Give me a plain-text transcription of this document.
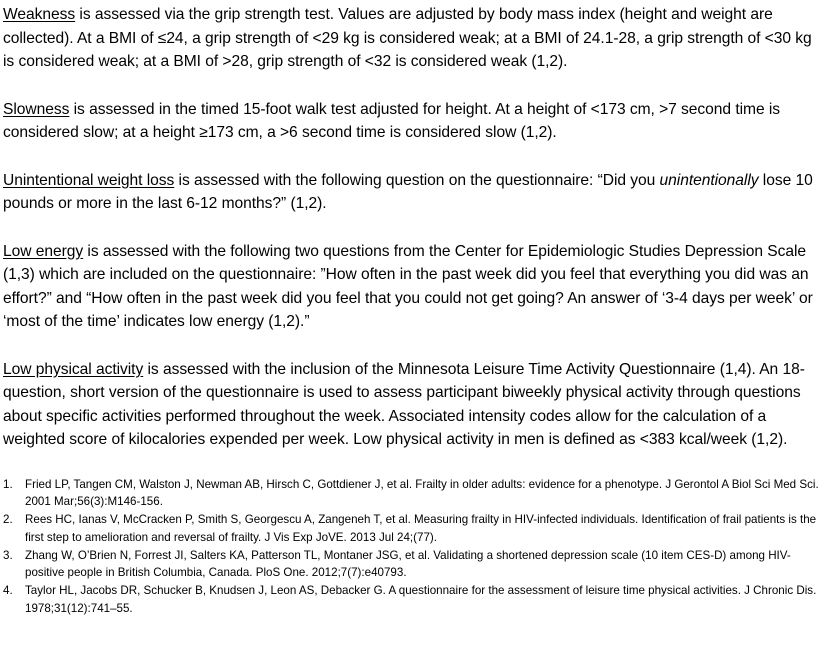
Weakness is assessed via the grip strength test. Values are adjusted by body mass index (height and weight are collected). At a BMI of ≤24, a grip strength of <29 kg is considered weak; at a BMI of 24.1-28, a grip strength of <30 kg is considered weak; at a BMI of >28, grip strength of <32 is considered weak (1,2).

Slowness is assessed in the timed 15-foot walk test adjusted for height. At a height of <173 cm, >7 second time is considered slow; at a height ≥173 cm, a >6 second time is considered slow (1,2).

Unintentional weight loss is assessed with the following question on the questionnaire: “Did you unintentionally lose 10 pounds or more in the last 6-12 months?” (1,2).

Low energy is assessed with the following two questions from the Center for Epidemiologic Studies Depression Scale (1,3) which are included on the questionnaire: ”How often in the past week did you feel that everything you did was an effort?” and “How often in the past week did you feel that you could not get going? An answer of ‘3-4 days per week’ or ‘most of the time’ indicates low energy (1,2).”

Low physical activity is assessed with the inclusion of the Minnesota Leisure Time Activity Questionnaire (1,4). An 18-question, short version of the questionnaire is used to assess participant biweekly physical activity through questions about specific activities performed throughout the week. Associated intensity codes allow for the calculation of a weighted score of kilocalories expended per week. Low physical activity in men is defined as <383 kcal/week (1,2).

1. Fried LP, Tangen CM, Walston J, Newman AB, Hirsch C, Gottdiener J, et al. Frailty in older adults: evidence for a phenotype. J Gerontol A Biol Sci Med Sci. 2001 Mar;56(3):M146-156.
2. Rees HC, Ianas V, McCracken P, Smith S, Georgescu A, Zangeneh T, et al. Measuring frailty in HIV-infected individuals. Identification of frail patients is the first step to amelioration and reversal of frailty. J Vis Exp JoVE. 2013 Jul 24;(77).
3. Zhang W, O’Brien N, Forrest JI, Salters KA, Patterson TL, Montaner JSG, et al. Validating a shortened depression scale (10 item CES-D) among HIV-positive people in British Columbia, Canada. PloS One. 2012;7(7):e40793.
4. Taylor HL, Jacobs DR, Schucker B, Knudsen J, Leon AS, Debacker G. A questionnaire for the assessment of leisure time physical activities. J Chronic Dis. 1978;31(12):741–55.
